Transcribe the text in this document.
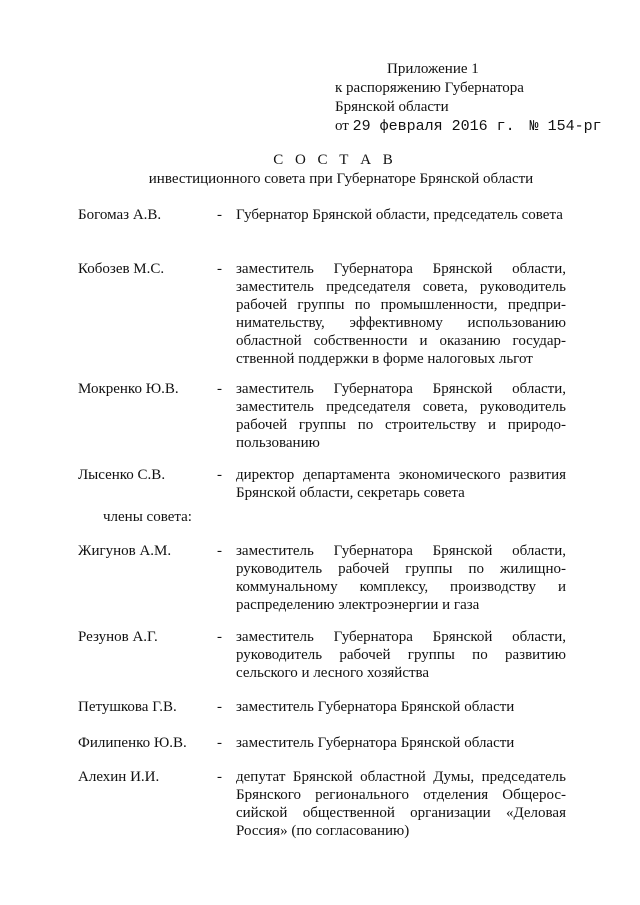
Приложение 1
к распоряжению Губернатора
Брянской области
от 29 февраля 2016 г. № 154-рг
С О С Т А В
инвестиционного совета при Губернаторе Брянской области
Богомаз А.В.	- Губернатор Брянской области, председатель совета
Кобозев М.С.	- заместитель Губернатора Брянской области, заместитель председателя совета, руководитель рабочей группы по промышленности, предпри-нимательству, эффективному использованию областной собственности и оказанию государ-ственной поддержки в форме налоговых льгот
Мокренко Ю.В.	- заместитель Губернатора Брянской области, заместитель председателя совета, руководитель рабочей группы по строительству и природо-пользованию
Лысенко С.В.	- директор департамента экономического развития Брянской области, секретарь совета
члены совета:
Жигунов А.М.	- заместитель Губернатора Брянской области, руководитель рабочей группы по жилищно-коммунальному комплексу, производству и распределению электроэнергии и газа
Резунов А.Г.	- заместитель Губернатора Брянской области, руководитель рабочей группы по развитию сельского и лесного хозяйства
Петушкова Г.В.	- заместитель Губернатора Брянской области
Филипенко Ю.В. - заместитель Губернатора Брянской области
Алехин И.И.	- депутат Брянской областной Думы, председатель Брянского регионального отделения Общерос-сийской общественной организации «Деловая Россия» (по согласованию)
